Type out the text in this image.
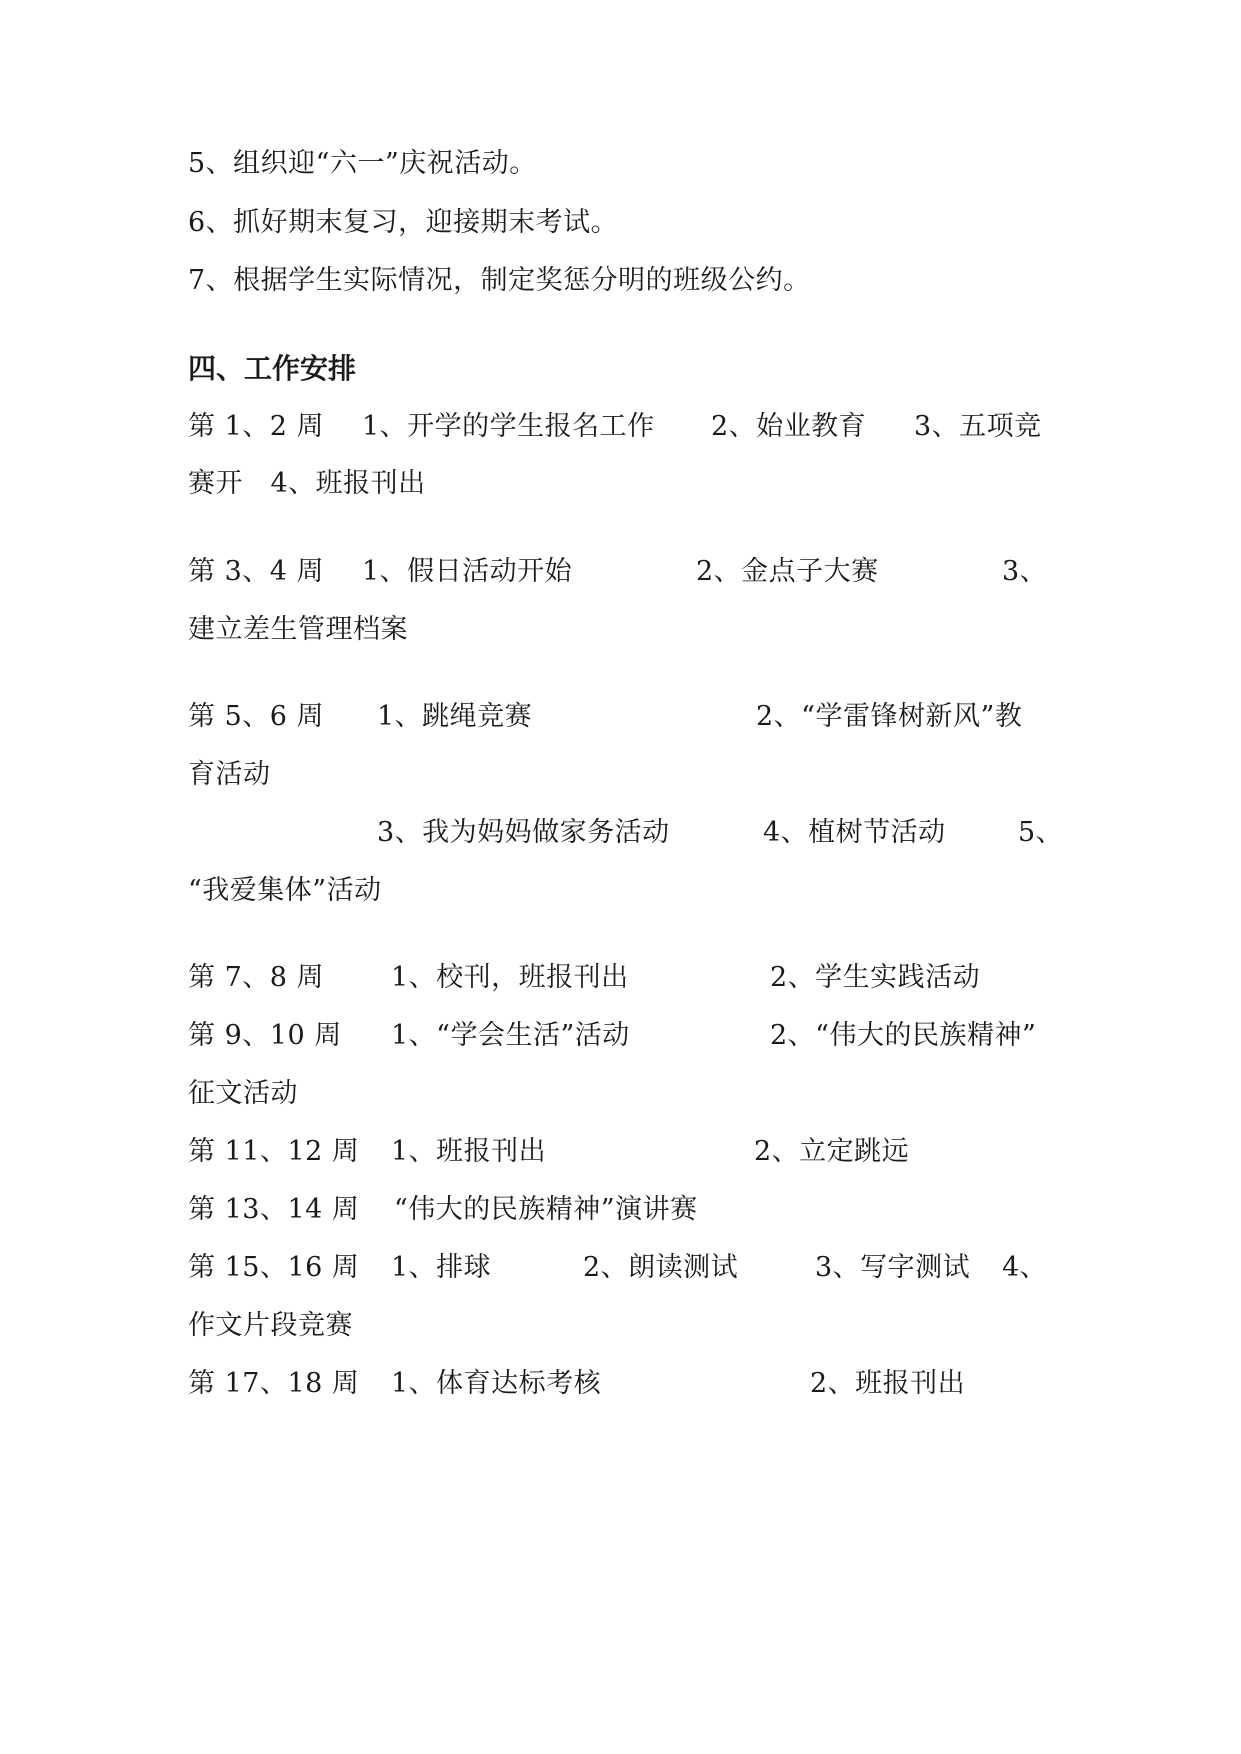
5、组织迎“六一”庆祝活动。
6、抓好期末复习，迎接期末考试。
7、根据学生实际情况，制定奖惩分明的班级公约。
四、工作安排
第 1、2 周 1、开学的学生报名工作 2、始业教育 3、五项竞
赛开　4、班报刊出
第 3、4 周 1、假日活动开始	2、金点子大赛	3、
建立差生管理档案
第 5、6 周 1、跳绳竞赛	2、“学雷锋树新风”教
育活动
3、我为妈妈做家务活动	4、植树节活动	5、
“我爱集体”活动
第 7、8 周 1、校刊，班报刊出	2、学生实践活动
第 9、10 周 1、“学会生活”活动	2、“伟大的民族精神”
征文活动
第 11、12 周 1、班报刊出	2、立定跳远
第 13、14 周 “伟大的民族精神”演讲赛
第 15、16 周 1、排球	2、朗读测试	3、写字测试 4、
作文片段竞赛
第 17、18 周 1、体育达标考核	2、班报刊出
